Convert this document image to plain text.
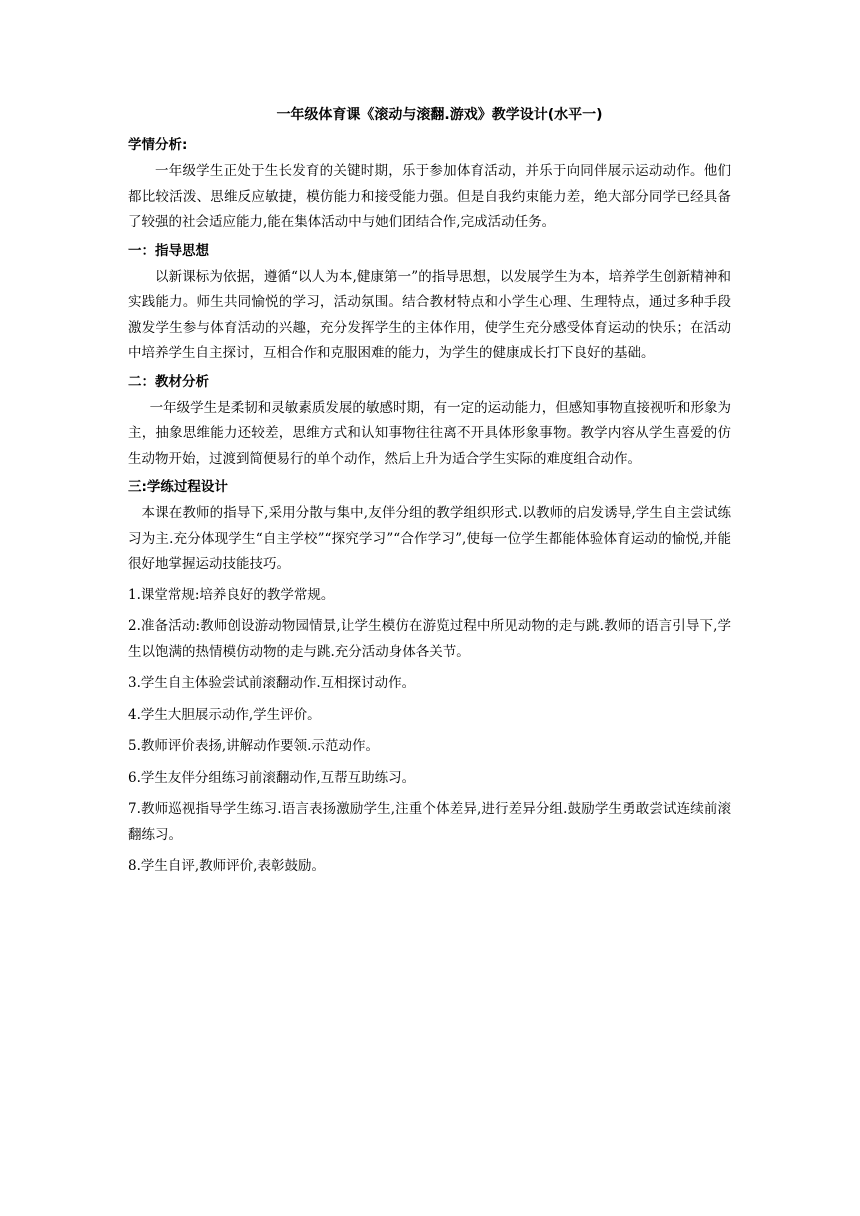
一年级体育课《滚动与滚翻.游戏》教学设计(水平一)
学情分析:

一年级学生正处于生长发育的关键时期，乐于参加体育活动，并乐于向同伴展示运动动作。他们都比较活泼、思维反应敏捷，模仿能力和接受能力强。但是自我约束能力差，绝大部分同学已经具备了较强的社会适应能力,能在集体活动中与她们团结合作,完成活动任务。

一：指导思想

以新课标为依据，遵循“以人为本,健康第一”的指导思想，以发展学生为本，培养学生创新精神和实践能力。师生共同愉悦的学习，活动氛围。结合教材特点和小学生心理、生理特点，通过多种手段激发学生参与体育活动的兴趣，充分发挥学生的主体作用，使学生充分感受体育运动的快乐；在活动中培养学生自主探讨，互相合作和克服困难的能力，为学生的健康成长打下良好的基础。

二：教材分析

一年级学生是柔韧和灵敏素质发展的敏感时期，有一定的运动能力，但感知事物直接视听和形象为主，抽象思维能力还较差，思维方式和认知事物往往离不开具体形象事物。教学内容从学生喜爱的仿生动物开始，过渡到简便易行的单个动作，然后上升为适合学生实际的难度组合动作。

三:学练过程设计

本课在教师的指导下,采用分散与集中,友伴分组的教学组织形式.以教师的启发诱导,学生自主尝试练习为主.充分体现学生“自主学校”“探究学习”“合作学习”,使每一位学生都能体验体育运动的愉悦,并能很好地掌握运动技能技巧。

1.课堂常规:培养良好的教学常规。
2.准备活动:教师创设游动物园情景,让学生模仿在游览过程中所见动物的走与跳.教师的语言引导下,学生以饱满的热情模仿动物的走与跳.充分活动身体各关节。
3.学生自主体验尝试前滚翻动作.互相探讨动作。
4.学生大胆展示动作,学生评价。
5.教师评价表扬,讲解动作要领.示范动作。
6.学生友伴分组练习前滚翻动作,互帮互助练习。
7.教师巡视指导学生练习.语言表扬激励学生,注重个体差异,进行差异分组.鼓励学生勇敢尝试连续前滚翻练习。
8.学生自评,教师评价,表彰鼓励。
